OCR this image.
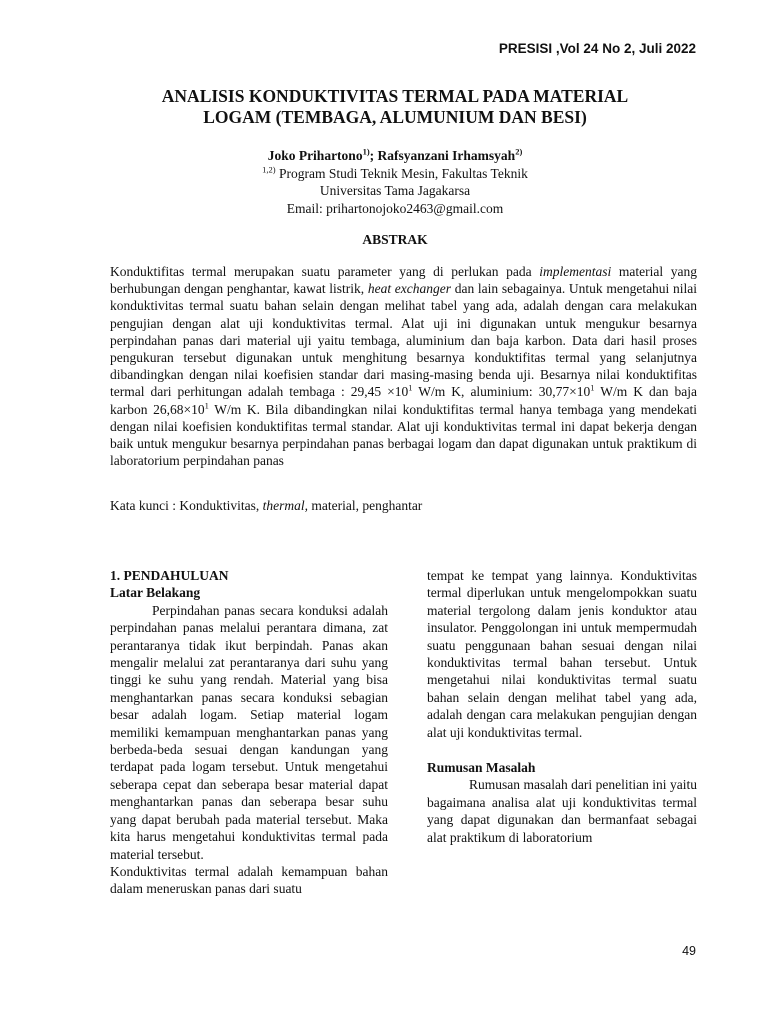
PRESISI ,Vol 24 No 2, Juli 2022
ANALISIS KONDUKTIVITAS TERMAL PADA MATERIAL
LOGAM (TEMBAGA, ALUMUNIUM DAN BESI)
Joko Prihartono$^{1)}$; Rafsyanzani Irhamsyah$^{2)}$
$^{1,2)}$ Program Studi Teknik Mesin, Fakultas Teknik
Universitas Tama Jagakarsa
Email: prihartonojoko2463@gmail.com
ABSTRAK
Konduktifitas termal merupakan suatu parameter yang di perlukan pada implementasi material yang berhubungan dengan penghantar, kawat listrik, heat exchanger dan lain sebagainya. Untuk mengetahui nilai konduktivitas termal suatu bahan selain dengan melihat tabel yang ada, adalah dengan cara melakukan pengujian dengan alat uji konduktivitas termal. Alat uji ini digunakan untuk mengukur besarnya perpindahan panas dari material uji yaitu tembaga, aluminium dan baja karbon. Data dari hasil proses pengukuran tersebut digunakan untuk menghitung besarnya konduktifitas termal yang selanjutnya dibandingkan dengan nilai koefisien standar dari masing-masing benda uji. Besarnya nilai konduktifitas termal dari perhitungan adalah tembaga : $29,45 \times 10^1$ W/m K, aluminium: $30,77\times 10^1$ W/m K dan baja karbon $26,68\times 10^1$ W/m K. Bila dibandingkan nilai konduktifitas termal hanya tembaga yang mendekati dengan nilai koefisien konduktifitas termal standar. Alat uji konduktivitas termal ini dapat bekerja dengan baik untuk mengukur besarnya perpindahan panas berbagai logam dan dapat digunakan untuk praktikum di laboratorium perpindahan panas
Kata kunci : Konduktivitas, thermal, material, penghantar

1. PENDAHULUAN

Latar Belakang

Perpindahan panas secara konduksi adalah perpindahan panas melalui perantara dimana, zat perantaranya tidak ikut berpindah. Panas akan mengalir melalui zat perantaranya dari suhu yang tinggi ke suhu yang rendah. Material yang bisa menghantarkan panas secara konduksi sebagian besar adalah logam. Setiap material logam memiliki kemampuan menghantarkan panas yang berbeda-beda sesuai dengan kandungan yang terdapat pada logam tersebut. Untuk mengetahui seberapa cepat dan seberapa besar material dapat menghantarkan panas dan seberapa besar suhu yang dapat berubah pada material tersebut. Maka kita harus mengetahui konduktivitas termal pada material tersebut.

Konduktivitas termal adalah kemampuan bahan dalam meneruskan panas dari suatu

tempat ke tempat yang lainnya. Konduktivitas termal diperlukan untuk mengelompokkan suatu material tergolong dalam jenis konduktor atau insulator. Penggolongan ini untuk mempermudah suatu penggunaan bahan sesuai dengan nilai konduktivitas termal bahan tersebut. Untuk mengetahui nilai konduktivitas termal suatu bahan selain dengan melihat tabel yang ada, adalah dengan cara melakukan pengujian dengan alat uji konduktivitas termal.

Rumusan Masalah

Rumusan masalah dari penelitian ini yaitu bagaimana analisa alat uji konduktivitas termal yang dapat digunakan dan bermanfaat sebagai alat praktikum di laboratorium

49
